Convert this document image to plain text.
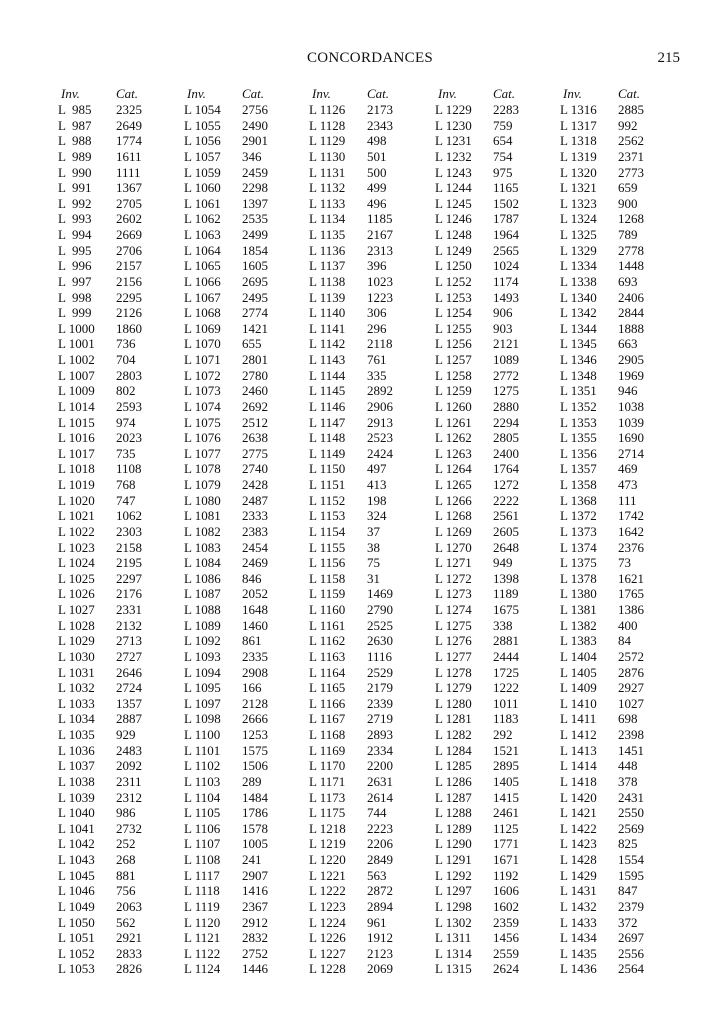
CONCORDANCES	215
Inv.	Cat.
L  985 2325
L  987 2649
L  988 1774
L  989 1611
L  990 1111
L  991 1367
L  992 2705
L  993 2602
L  994 2669
L  995 2706
L  996 2157
L  997 2156
L  998 2295
L  999 2126
L 1000 1860
L 1001 736
L 1002 704
L 1007 2803
L 1009 802
L 1014 2593
L 1015 974
L 1016 2023
L 1017 735
L 1018 1108
L 1019 768
L 1020 747
L 1021 1062
L 1022 2303
L 1023 2158
L 1024 2195
L 1025 2297
L 1026 2176
L 1027 2331
L 1028 2132
L 1029 2713
L 1030 2727
L 1031 2646
L 1032 2724
L 1033 1357
L 1034 2887
L 1035 929
L 1036 2483
L 1037 2092
L 1038 2311
L 1039 2312
L 1040 986
L 1041 2732
L 1042 252
L 1043 268
L 1045 881
L 1046 756
L 1049 2063
L 1050 562
L 1051 2921
L 1052 2833
L 1053 2826
Inv.	Cat.
L 1054 2756
L 1055 2490
L 1056 2901
L 1057 346
L 1059 2459
L 1060 2298
L 1061 1397
L 1062 2535
L 1063 2499
L 1064 1854
L 1065 1605
L 1066 2695
L 1067 2495
L 1068 2774
L 1069 1421
L 1070 655
L 1071 2801
L 1072 2780
L 1073 2460
L 1074 2692
L 1075 2512
L 1076 2638
L 1077 2775
L 1078 2740
L 1079 2428
L 1080 2487
L 1081 2333
L 1082 2383
L 1083 2454
L 1084 2469
L 1086 846
L 1087 2052
L 1088 1648
L 1089 1460
L 1092 861
L 1093 2335
L 1094 2908
L 1095 166
L 1097 2128
L 1098 2666
L 1100 1253
L 1101 1575
L 1102 1506
L 1103 289
L 1104 1484
L 1105 1786
L 1106 1578
L 1107 1005
L 1108 241
L 1117 2907
L 1118 1416
L 1119 2367
L 1120 2912
L 1121 2832
L 1122 2752
L 1124 1446
Inv.	Cat.
L 1126 2173
L 1128 2343
L 1129 498
L 1130 501
L 1131 500
L 1132 499
L 1133 496
L 1134 1185
L 1135 2167
L 1136 2313
L 1137 396
L 1138 1023
L 1139 1223
L 1140 306
L 1141 296
L 1142 2118
L 1143 761
L 1144 335
L 1145 2892
L 1146 2906
L 1147 2913
L 1148 2523
L 1149 2424
L 1150 497
L 1151 413
L 1152 198
L 1153 324
L 1154 37
L 1155 38
L 1156 75
L 1158 31
L 1159 1469
L 1160 2790
L 1161 2525
L 1162 2630
L 1163 1116
L 1164 2529
L 1165 2179
L 1166 2339
L 1167 2719
L 1168 2893
L 1169 2334
L 1170 2200
L 1171 2631
L 1173 2614
L 1175 744
L 1218 2223
L 1219 2206
L 1220 2849
L 1221 563
L 1222 2872
L 1223 2894
L 1224 961
L 1226 1912
L 1227 2123
L 1228 2069
Inv.	Cat.
L 1229 2283
L 1230 759
L 1231 654
L 1232 754
L 1243 975
L 1244 1165
L 1245 1502
L 1246 1787
L 1248 1964
L 1249 2565
L 1250 1024
L 1252 1174
L 1253 1493
L 1254 906
L 1255 903
L 1256 2121
L 1257 1089
L 1258 2772
L 1259 1275
L 1260 2880
L 1261 2294
L 1262 2805
L 1263 2400
L 1264 1764
L 1265 1272
L 1266 2222
L 1268 2561
L 1269 2605
L 1270 2648
L 1271 949
L 1272 1398
L 1273 1189
L 1274 1675
L 1275 338
L 1276 2881
L 1277 2444
L 1278 1725
L 1279 1222
L 1280 1011
L 1281 1183
L 1282 292
L 1284 1521
L 1285 2895
L 1286 1405
L 1287 1415
L 1288 2461
L 1289 1125
L 1290 1771
L 1291 1671
L 1292 1192
L 1297 1606
L 1298 1602
L 1302 2359
L 1311 1456
L 1314 2559
L 1315 2624
Inv.	Cat.
L 1316 2885
L 1317 992
L 1318 2562
L 1319 2371
L 1320 2773
L 1321 659
L 1323 900
L 1324 1268
L 1325 789
L 1329 2778
L 1334 1448
L 1338 693
L 1340 2406
L 1342 2844
L 1344 1888
L 1345 663
L 1346 2905
L 1348 1969
L 1351 946
L 1352 1038
L 1353 1039
L 1355 1690
L 1356 2714
L 1357 469
L 1358 473
L 1368 111
L 1372 1742
L 1373 1642
L 1374 2376
L 1375 73
L 1378 1621
L 1380 1765
L 1381 1386
L 1382 400
L 1383 84
L 1404 2572
L 1405 2876
L 1409 2927
L 1410 1027
L 1411 698
L 1412 2398
L 1413 1451
L 1414 448
L 1418 378
L 1420 2431
L 1421 2550
L 1422 2569
L 1423 825
L 1428 1554
L 1429 1595
L 1431 847
L 1432 2379
L 1433 372
L 1434 2697
L 1435 2556
L 1436 2564
